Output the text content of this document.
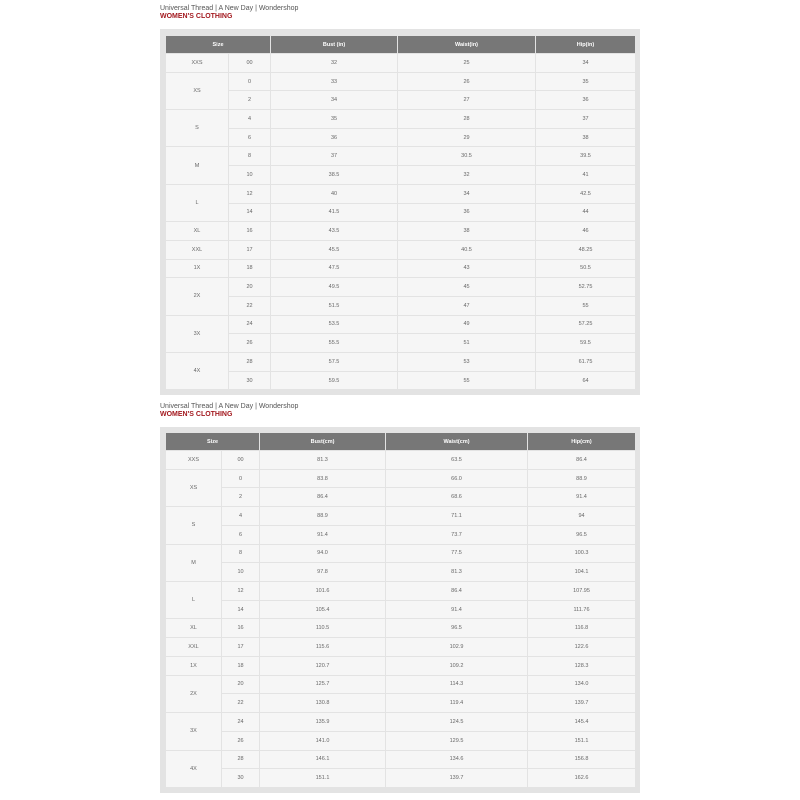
Universal Thread | A New Day | Wondershop
WOMEN'S CLOTHING
Size		Bust (in)	Waist(in)	Hip(in)
XXS	00	32	25	34
XS	0	33	26	35
	2	34	27	36
S	4	35	28	37
	6	36	29	38
M	8	37	30.5	39.5
	10	38.5	32	41
L	12	40	34	42.5
	14	41.5	36	44
XL	16	43.5	38	46
XXL	17	45.5	40.5	48.25
1X	18	47.5	43	50.5
2X	20	49.5	45	52.75
	22	51.5	47	55
3X	24	53.5	49	57.25
	26	55.5	51	59.5
4X	28	57.5	53	61.75
	30	59.5	55	64
Universal Thread | A New Day | Wondershop
WOMEN'S CLOTHING
Size		Bust(cm)	Waist(cm)	Hip(cm)
XXS	00	81.3	63.5	86.4
XS	0	83.8	66.0	88.9
	2	86.4	68.6	91.4
S	4	88.9	71.1	94
	6	91.4	73.7	96.5
M	8	94.0	77.5	100.3
	10	97.8	81.3	104.1
L	12	101.6	86.4	107.95
	14	105.4	91.4	111.76
XL	16	110.5	96.5	116.8
XXL	17	115.6	102.9	122.6
1X	18	120.7	109.2	128.3
2X	20	125.7	114.3	134.0
	22	130.8	119.4	139.7
3X	24	135.9	124.5	145.4
	26	141.0	129.5	151.1
4X	28	146.1	134.6	156.8
	30	151.1	139.7	162.6
